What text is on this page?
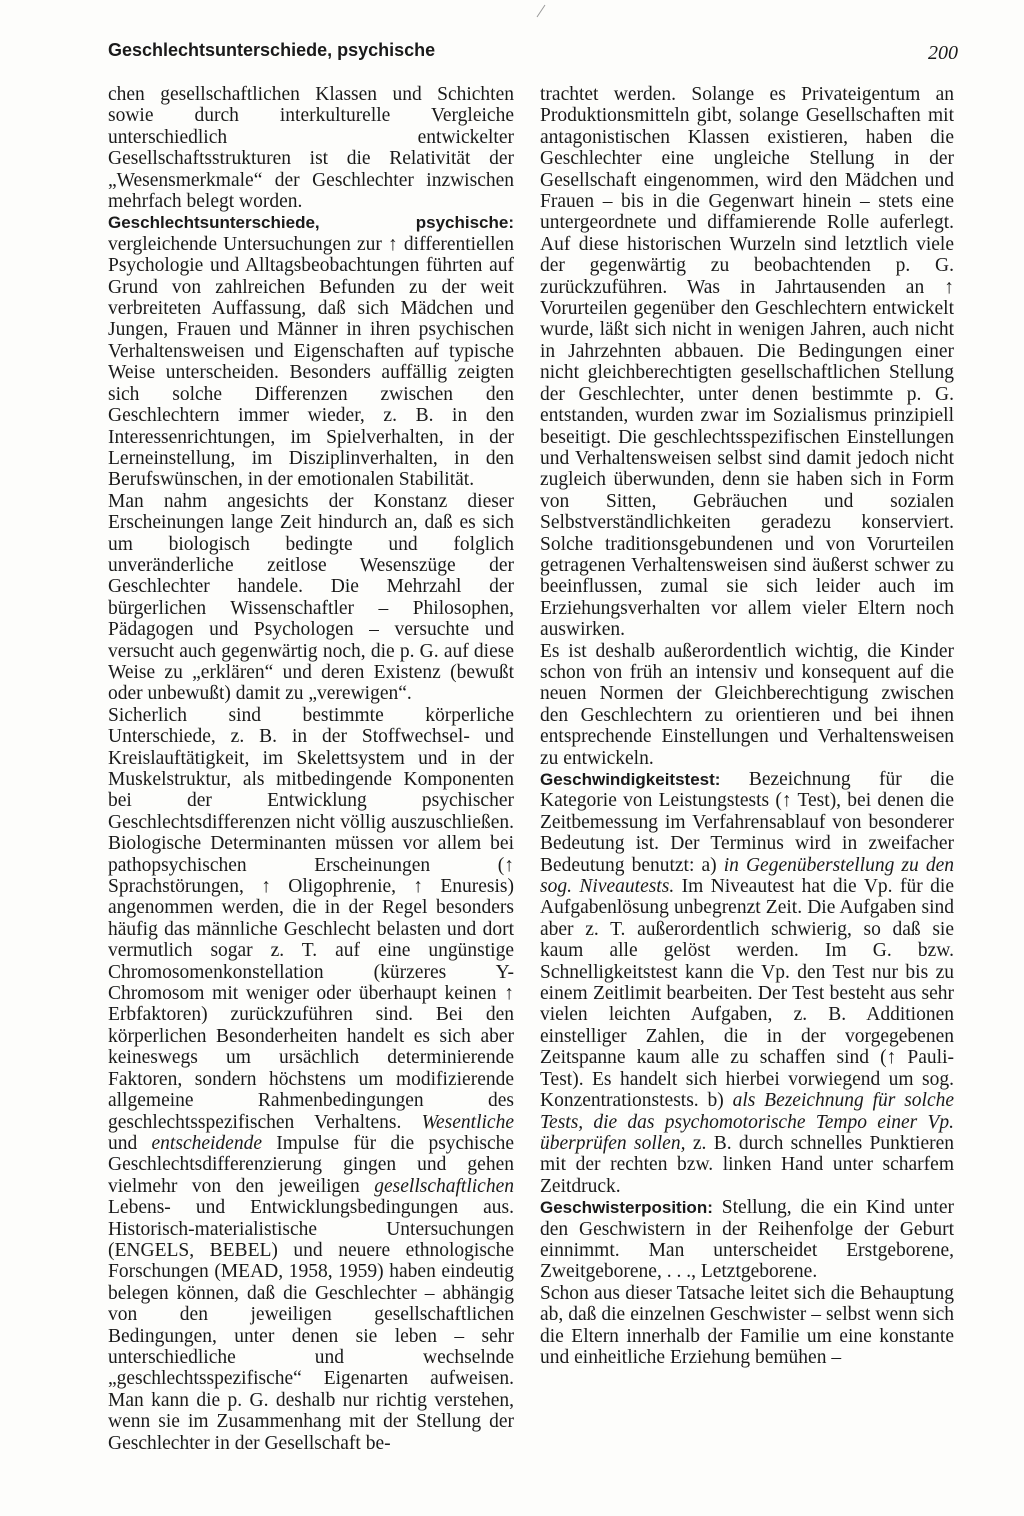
Geschlechtsunterschiede, psychische	200

chen gesellschaftlichen Klassen und Schichten sowie durch interkulturelle Vergleiche unterschiedlich entwickelter Gesellschaftsstrukturen ist die Relativität der „Wesensmerkmale“ der Geschlechter inzwischen mehrfach belegt worden.

Geschlechtsunterschiede, psychische: vergleichende Untersuchungen zur ↑ differentiellen Psychologie und Alltagsbeobachtungen führten auf Grund von zahlreichen Befunden zu der weit verbreiteten Auffassung, daß sich Mädchen und Jungen, Frauen und Männer in ihren psychischen Verhaltensweisen und Eigenschaften auf typische Weise unterscheiden. Besonders auffällig zeigten sich solche Differenzen zwischen den Geschlechtern immer wieder, z. B. in den Interessenrichtungen, im Spielverhalten, in der Lerneinstellung, im Disziplinverhalten, in den Berufswünschen, in der emotionalen Stabilität.

Man nahm angesichts der Konstanz dieser Erscheinungen lange Zeit hindurch an, daß es sich um biologisch bedingte und folglich unveränderliche zeitlose Wesenszüge der Geschlechter handele. Die Mehrzahl der bürgerlichen Wissenschaftler – Philosophen, Pädagogen und Psychologen – versuchte und versucht auch gegenwärtig noch, die p. G. auf diese Weise zu „erklären“ und deren Existenz (bewußt oder unbewußt) damit zu „verewigen“.

Sicherlich sind bestimmte körperliche Unterschiede, z. B. in der Stoffwechsel- und Kreislauftätigkeit, im Skelettsystem und in der Muskelstruktur, als mitbedingende Komponenten bei der Entwicklung psychischer Geschlechtsdifferenzen nicht völlig auszuschließen. Biologische Determinanten müssen vor allem bei pathopsychischen Erscheinungen (↑ Sprachstörungen, ↑ Oligophrenie, ↑ Enuresis) angenommen werden, die in der Regel besonders häufig das männliche Geschlecht belasten und dort vermutlich sogar z. T. auf eine ungünstige Chromosomenkonstellation (kürzeres Y-Chromosom mit weniger oder überhaupt keinen ↑ Erbfaktoren) zurückzuführen sind. Bei den körperlichen Besonderheiten handelt es sich aber keineswegs um ursächlich determinierende Faktoren, sondern höchstens um modifizierende allgemeine Rahmenbedingungen des geschlechtsspezifischen Verhaltens. Wesentliche und entscheidende Impulse für die psychische Geschlechtsdifferenzierung gingen und gehen vielmehr von den jeweiligen gesellschaftlichen Lebens- und Entwicklungsbedingungen aus. Historisch-materialistische Untersuchungen (ENGELS, BEBEL) und neuere ethnologische Forschungen (MEAD, 1958, 1959) haben eindeutig belegen können, daß die Geschlechter – abhängig von den jeweiligen gesellschaftlichen Bedingungen, unter denen sie leben – sehr unterschiedliche und wechselnde „geschlechtsspezifische“ Eigenarten aufweisen. Man kann die p. G. deshalb nur richtig verstehen, wenn sie im Zusammenhang mit der Stellung der Geschlechter in der Gesellschaft be-

trachtet werden. Solange es Privateigentum an Produktionsmitteln gibt, solange Gesellschaften mit antagonistischen Klassen existieren, haben die Geschlechter eine ungleiche Stellung in der Gesellschaft eingenommen, wird den Mädchen und Frauen – bis in die Gegenwart hinein – stets eine untergeordnete und diffamierende Rolle auferlegt. Auf diese historischen Wurzeln sind letztlich viele der gegenwärtig zu beobachtenden p. G. zurückzuführen. Was in Jahrtausenden an ↑ Vorurteilen gegenüber den Geschlechtern entwickelt wurde, läßt sich nicht in wenigen Jahren, auch nicht in Jahrzehnten abbauen. Die Bedingungen einer nicht gleichberechtigten gesellschaftlichen Stellung der Geschlechter, unter denen bestimmte p. G. entstanden, wurden zwar im Sozialismus prinzipiell beseitigt. Die geschlechtsspezifischen Einstellungen und Verhaltensweisen selbst sind damit jedoch nicht zugleich überwunden, denn sie haben sich in Form von Sitten, Gebräuchen und sozialen Selbstverständlichkeiten geradezu konserviert. Solche traditionsgebundenen und von Vorurteilen getragenen Verhaltensweisen sind äußerst schwer zu beeinflussen, zumal sie sich leider auch im Erziehungsverhalten vor allem vieler Eltern noch auswirken.

Es ist deshalb außerordentlich wichtig, die Kinder schon von früh an intensiv und konsequent auf die neuen Normen der Gleichberechtigung zwischen den Geschlechtern zu orientieren und bei ihnen entsprechende Einstellungen und Verhaltensweisen zu entwickeln.

Geschwindigkeitstest: Bezeichnung für die Kategorie von Leistungstests (↑ Test), bei denen die Zeitbemessung im Verfahrensablauf von besonderer Bedeutung ist. Der Terminus wird in zweifacher Bedeutung benutzt: a) in Gegenüberstellung zu den sog. Niveautests. Im Niveautest hat die Vp. für die Aufgabenlösung unbegrenzt Zeit. Die Aufgaben sind aber z. T. außerordentlich schwierig, so daß sie kaum alle gelöst werden. Im G. bzw. Schnelligkeitstest kann die Vp. den Test nur bis zu einem Zeitlimit bearbeiten. Der Test besteht aus sehr vielen leichten Aufgaben, z. B. Additionen einstelliger Zahlen, die in der vorgegebenen Zeitspanne kaum alle zu schaffen sind (↑ Pauli-Test). Es handelt sich hierbei vorwiegend um sog. Konzentrationstests. b) als Bezeichnung für solche Tests, die das psychomotorische Tempo einer Vp. überprüfen sollen, z. B. durch schnelles Punktieren mit der rechten bzw. linken Hand unter scharfem Zeitdruck.

Geschwisterposition: Stellung, die ein Kind unter den Geschwistern in der Reihenfolge der Geburt einnimmt. Man unterscheidet Erstgeborene, Zweitgeborene, . . ., Letztgeborene.

Schon aus dieser Tatsache leitet sich die Behauptung ab, daß die einzelnen Geschwister – selbst wenn sich die Eltern innerhalb der Familie um eine konstante und einheitliche Erziehung bemühen –
